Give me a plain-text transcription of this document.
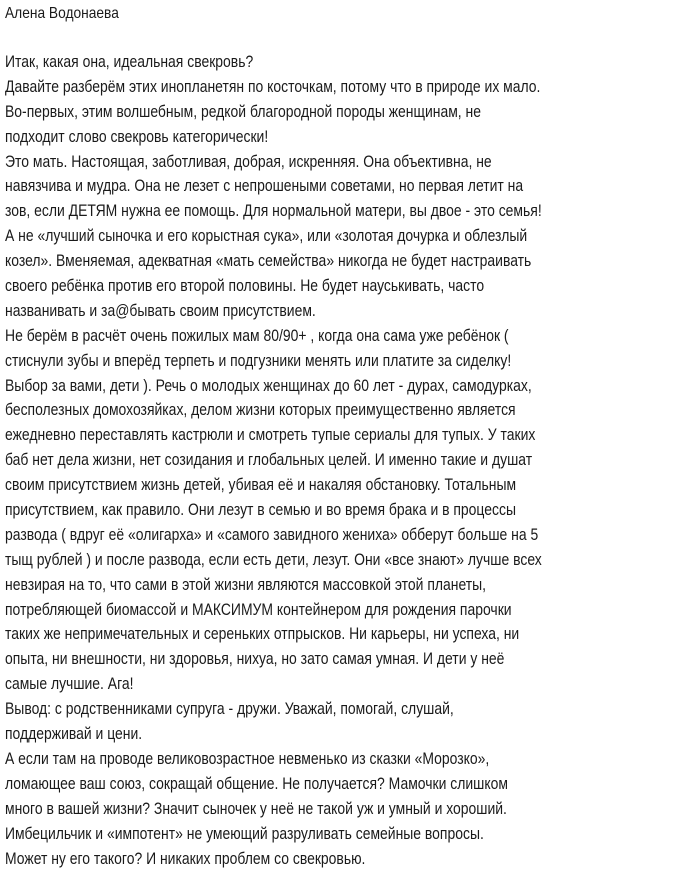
Алена Водонаева
Итак, какая она, идеальная свекровь?
Давайте разберём этих инопланетян по косточкам, потому что в природе их мало.
Во-первых, этим волшебным, редкой благородной породы женщинам, не
подходит слово свекровь категорически!
Это мать. Настоящая, заботливая, добрая, искренняя. Она объективна, не
навязчива и мудра. Она не лезет с непрошеными советами, но первая летит на
зов, если ДЕТЯМ нужна ее помощь. Для нормальной матери, вы двое - это семья!
А не «лучший сыночка и его корыстная сука», или «золотая дочурка и облезлый
козел». Вменяемая, адекватная «мать семейства» никогда не будет настраивать
своего ребёнка против его второй половины. Не будет науськивать, часто
названивать и за@бывать своим присутствием.
Не берём в расчёт очень пожилых мам 80/90+ , когда она сама уже ребёнок (
стиснули зубы и вперёд терпеть и подгузники менять или платите за сиделку!
Выбор за вами, дети ). Речь о молодых женщинах до 60 лет - дурах, самодурках,
бесполезных домохозяйках, делом жизни которых преимущественно является
ежедневно переставлять кастрюли и смотреть тупые сериалы для тупых. У таких
баб нет дела жизни, нет созидания и глобальных целей. И именно такие и душат
своим присутствием жизнь детей, убивая её и накаляя обстановку. Тотальным
присутствием, как правило. Они лезут в семью и во время брака и в процессы
развода ( вдруг её «олигарха» и «самого завидного жениха» обберут больше на 5
тыщ рублей ) и после развода, если есть дети, лезут. Они «все знают» лучше всех
невзирая на то, что сами в этой жизни являются массовкой этой планеты,
потребляющей биомассой и МАКСИМУМ контейнером для рождения парочки
таких же непримечательных и сереньких отпрысков. Ни карьеры, ни успеха, ни
опыта, ни внешности, ни здоровья, нихуа, но зато самая умная. И дети у неё
самые лучшие. Ага!
Вывод: с родственниками супруга - дружи. Уважай, помогай, слушай,
поддерживай и цени.
А если там на проводе великовозрастное невменько из сказки «Морозко»,
ломающее ваш союз, сокращай общение. Не получается? Мамочки слишком
много в вашей жизни? Значит сыночек у неё не такой уж и умный и хороший.
Имбецильчик и «импотент» не умеющий разруливать семейные вопросы.
Может ну его такого? И никаких проблем со свекровью.
